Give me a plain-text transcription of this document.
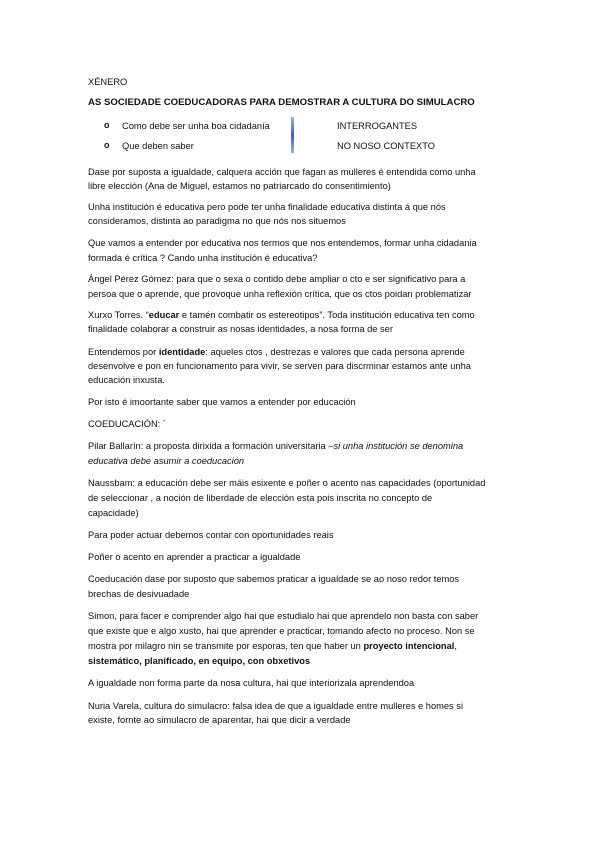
XÉNERO
AS SOCIEDADE COEDUCADORAS PARA DEMOSTRAR A CULTURA DO SIMULACRO
o Como debe ser unha boa cidadanía	INTERROGANTES
o Que deben saber	NO NOSO CONTEXTO
Dase por suposta a igualdade, calquera acción que fagan as mulleres é entendida como unha
libre elección (Ana de Miguel, estamos no patriarcado do consentimiento)
Unha institución é educativa pero pode ter unha finalidade educativa distinta á que nós
consideramos, distinta ao paradigma no que nós nos situemos
Que vamos a entender por educativa nos termos que nos entendemos, formar unha cidadania
formada é crítica ? Cando unha institución é educativa?
Ángel Pérez Gómez: para que o sexa o contido debe ampliar o cto e ser significativo para a
persoa que o aprende, que provoque unha reflexión crítica, que os ctos poidan problematizar
Xurxo Torres. “educar e tamén combatir os estereotipos”. Toda institución educativa ten como
finalidade colaborar a construir as nosas identidades, a nosa forma de ser
Entendemos por identidade: aqueles ctos , destrezas e valores que cada persona aprende
desenvolve e pon en funcionamento para vivir, se serven para discrminar estamos ante unha
educación inxusta.
Por isto é imoortante saber que vamos a entender por educación
COEDUCACIÓN: ´
Pilar Ballarín: a proposta dirixida a formación universitaria –si unha institución se denomina
educativa debe asumir a coeducación
Naussbam: a educación debe ser máis esixente e poñer o acento nas capacidades (oportunidad
de seleccionar , a noción de liberdade de elección esta pois inscrita no concepto de
capacidade)
Para poder actuar debemos contar con oportunidades reais
Poñer o acento en aprender a practicar a igualdade
Coeducación dase por suposto que sabemos praticar a igualdade se ao noso redor temos
brechas de desivuadade
Simon, para facer e comprender algo hai que estudialo hai que aprendelo non basta con saber
que existe que e algo xusto, hai que aprender e practicar, tomando afecto no proceso. Non se
mostra por milagro nin se transmite por esporas, ten que haber un proyecto intencional,
sistemático, planificado, en equipo, con obxetivos
A igualdade non forma parte da nosa cultura, hai que interiorizala aprendendoa
Nuria Varela, cultura do simulacro: falsa idea de que a igualdade entre mulleres e homes si
existe, fornte ao simulacro de aparentar, hai que dicir a verdade
